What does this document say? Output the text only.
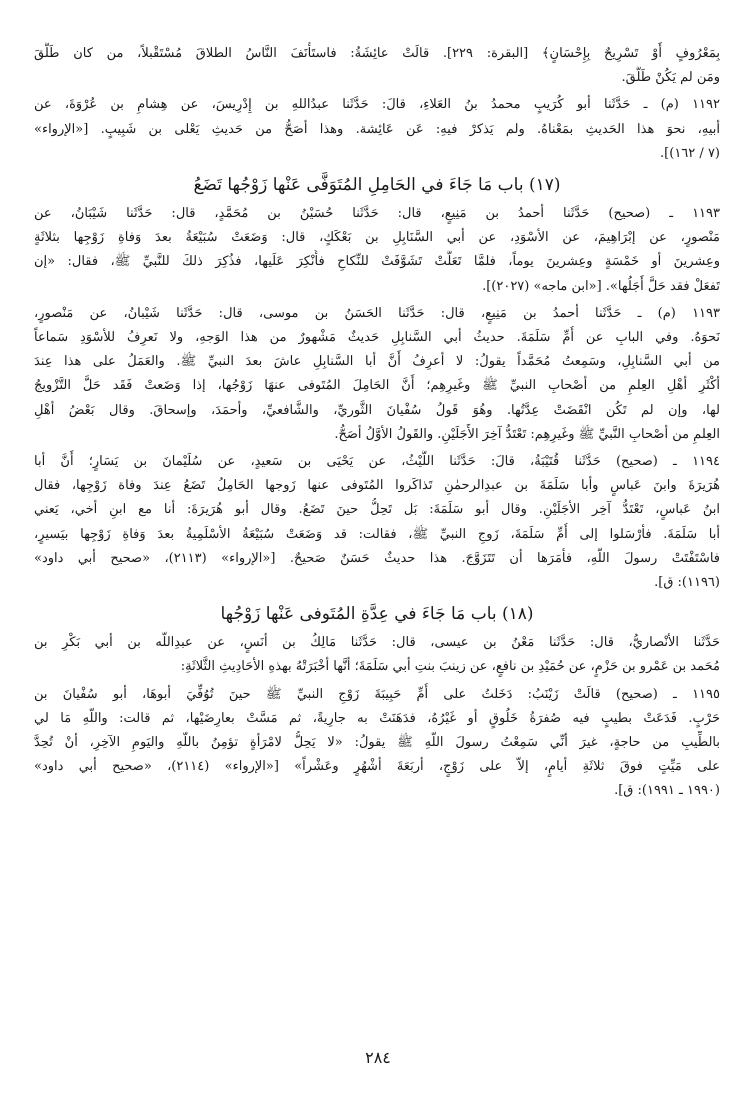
بِمَعْرُوفٍ أَوْ تَسْرِيحٌ بِإِحْسَانٍ﴾ [البقرة: ٢٢٩]. قالَتْ عائِشَةُ: فاستَأْنَفَ النَّاسُ الطلاقَ مُسْتَقْبلاً، من كان طَلَّقَ
ومَن لم يَكُنْ طَلَّقَ.
١١٩٢ (م) ـ حَدَّثَنا أبو كُرَيبٍ محمدُ بنُ العَلاءِ، قالَ: حَدَّثَنا عبدُاللهِ بن إِدْرِيسَ، عن هِشامِ بن عُرْوَةَ، عن
أبيهِ، نحوَ هذا الحَديثِ بمَعْناهُ. ولم يَذكرْ فيهِ: عَن عَائِشة. وهذا أصَحُّ من حَديثِ يَعْلى بن شَبِيبٍ. [«الإرواء»
(٧ / ١٦٢)].
(١٧) باب مَا جَاءَ في الحَامِلِ المُتَوَفَّى عَنْها زَوْجُها تَضَعُ
١١٩٣ ـ (صحيح) حَدَّثَنا أحمدُ بن مَنِيعٍ، قال: حَدَّثَنا حُسَيْنُ بن مُحَمَّدٍ، قال: حَدَّثَنا شَيْبَانُ، عن
مَنْصورٍ، عن إبْرَاهِيمَ، عن الأسْوَدِ، عن أبي السَّنَابِلِ بن بَعْكَكٍ، قال: وَضَعَتْ سُبَيْعَةُ بعدَ وَفاةِ زَوْجِها بثلاثَةٍ
وعِشرينَ أو خَمْسَةٍ وعِشرينَ يوماً، فلمَّا تَعَلَّتْ تَشَوَّفَتْ للنِّكاحِ فأُنْكِرَ عَلَيها، فذُكِرَ ذلكَ للنَّبيِّ ﷺ، فقال: «إن
تَفعَلْ فقد حَلَّ أَجَلُها». [«ابن ماجه» (٢٠٢٧)].
١١٩٣ (م) ـ حَدَّثَنا أحمدُ بن مَنِيعٍ، قال: حَدَّثَنا الحَسَنُ بن موسى، قال: حَدَّثَنا شَيْبانُ، عن مَنْصورٍ،
نَحوَهُ. وفي البابِ عن أُمِّ سَلَمَةَ. حديثُ أبي السَّنابِلِ حَديثٌ مَشْهورٌ من هذا الوَجهِ، ولا نَعرِفُ للأسْوَدِ سَماعاً
من أبي السَّنابِلِ، وسَمِعتُ مُحَمَّداً يقولُ: لا أعرِفُ أَنَّ أبا السَّنابِلِ عاشَ بعدَ النبيِّ ﷺ. والعَمَلُ على هذا عِندَ
أكْثَرِ أهْلِ العِلمِ من أصْحابِ النبيِّ ﷺ وغَيرِهِم؛ أَنَّ الحَامِلَ المُتَوفى عنهَا زَوْجُها، إذا وَضَعتْ فَقَد حَلَّ التَّزْويجُ
لها، وإن لم تَكُن انْقَضَتْ عِدَّتُها. وهُوَ قَولُ سُفْيانَ الثَّوريِّ، والشَّافعيِّ، وأحمَدَ، وإسحاقَ. وقال بَعْضُ أهْلِ
العِلمِ من أصْحابِ النَّبيِّ ﷺ وغَيرِهِم: تَعْتَدُّ آخِرَ الأَجَلَيْنِ. والقَولُ الأوَّلُ أصَحُّ.
١١٩٤ ـ (صحيح) حَدَّثَنا قُتَيْبَةُ، قالَ: حَدَّثَنا اللَّيْثُ، عن يَحْيَى بن سَعيدٍ، عن سُلَيْمانَ بن يَسَارٍ؛ أَنَّ أبا
هُرَيرَةَ وابنَ عَباسٍ وأبا سَلَمَةَ بن عبدِالرحمٰنِ تَذاكَروا المُتَوفى عنها زَوجها الحَامِلُ تَضَعُ عِندَ وفاة زَوْجِها، فقال
ابنُ عَباسٍ، تَعْتَدُّ آخِر الأجَلَيْنِ. وقال أبو سَلَمَةَ: بَل تَحِلُّ حينَ تَضَعُ. وقال أبو هُرَيرَةَ: أنا مع ابنِ أخي، يَعني
أبا سَلَمَةَ. فأرْسَلوا إلى أُمِّ سَلَمَةَ، زَوجِ النبيِّ ﷺ، فقالت: قد وَضَعَتْ سُبَيْعَةُ الأسْلَمِيةُ بعدَ وَفاةِ زَوْجِها بيَسيرٍ،
فاسْتَفْتَتْ رسولَ اللّهِ، فأمَرَها أن تَتَزَوَّجَ. هذا حديثٌ حَسَنٌ صَحيحٌ. [«الإرواء» (٢١١٣)، «صحيح أبي داود»
(١١٩٦): ق].
(١٨) باب مَا جَاءَ في عِدَّةِ المُتَوفى عَنْها زَوْجُها
حَدَّثَنا الأنْصاريُّ، قال: حَدَّثَنا مَعْنُ بن عيسى، قال: حَدَّثَنا مَالِكُ بن أنَسٍ، عن عبدِاللّه بن أبي بَكْرِ بن
مُحَمد بن عَمْرو بن حَزْمٍ، عن حُمَيْدِ بن نافعٍ، عن زينبَ بنتِ أبي سَلَمَةَ؛ أنَّها أخْبَرَتْهُ بهذهِ الأحَادِيثِ الثَّلاثَةِ:
١١٩٥ ـ (صحيح) قالَتْ زَيْنَبُ: دَخَلتُ على أُمِّ حَبِيبَةَ زَوْجِ النبيِّ ﷺ حينَ تُوُفِّيَ أبوهَا، أبو سُفْيانَ بن
حَرْبٍ. فَدَعَتْ بطيبٍ فيه صُفرَةُ خَلُوقٍ أو غَيْرُهُ، فدَهَنَتْ به جارِيةً، ثم مَسَّتْ بعارِضَيْها، ثم قالت: واللّهِ مَا لي
بالطِّيبِ من حاجةٍ، غيرَ أنِّي سَمِعْتُ رسولَ اللّهِ ﷺ يقولُ: «لا يَحِلُّ لامْرَأةٍ تؤمِنُ باللّهِ واليَومِ الآخِرِ، أنْ تُحِدَّ
على مَيِّتٍ فوقَ ثلاثَةِ أيامٍ، إلاّ على زَوْجٍ، أربَعَةَ أشْهُرٍ وعَشْراً» [«الإرواء» (٢١١٤)، «صحيح أبي داود»
(١٩٩٠ ـ ١٩٩١): ق].
٢٨٤
